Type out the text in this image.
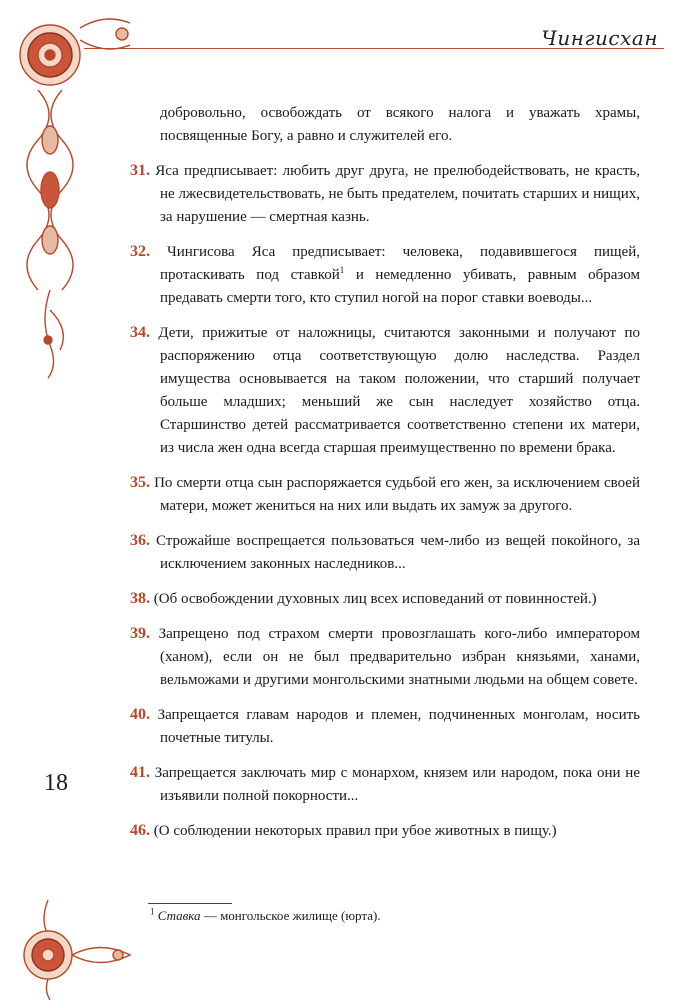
Чингисхан
18

добровольно, освобождать от всякого налога и уважать храмы, посвященные Богу, а равно и служителей его.

31. Яса предписывает: любить друг друга, не прелюбодействовать, не красть, не лжесвидетельствовать, не быть предателем, почитать старших и нищих, за нарушение — смертная казнь.

32. Чингисова Яса предписывает: человека, подавившегося пищей, протаскивать под ставкой$^1$ и немедленно убивать, равным образом предавать смерти того, кто ступил ногой на порог ставки воеводы...

34. Дети, прижитые от наложницы, считаются законными и получают по распоряжению отца соответствующую долю наследства. Раздел имущества основывается на таком положении, что старший получает больше младших; меньший же сын наследует хозяйство отца. Старшинство детей рассматривается соответственно степени их матери, из числа жен одна всегда старшая преимущественно по времени брака.

35. По смерти отца сын распоряжается судьбой его жен, за исключением своей матери, может жениться на них или выдать их замуж за другого.

36. Строжайше воспрещается пользоваться чем-либо из вещей покойного, за исключением законных наследников...

38. (Об освобождении духовных лиц всех исповеданий от повинностей.)

39. Запрещено под страхом смерти провозглашать кого-либо императором (ханом), если он не был предварительно избран князьями, ханами, вельможами и другими монгольскими знатными людьми на общем совете.

40. Запрещается главам народов и племен, подчиненных монголам, носить почетные титулы.

41. Запрещается заключать мир с монархом, князем или народом, пока они не изъявили полной покорности...

46. (О соблюдении некоторых правил при убое животных в пищу.)

$^1$ Ставка — монгольское жилище (юрта).
